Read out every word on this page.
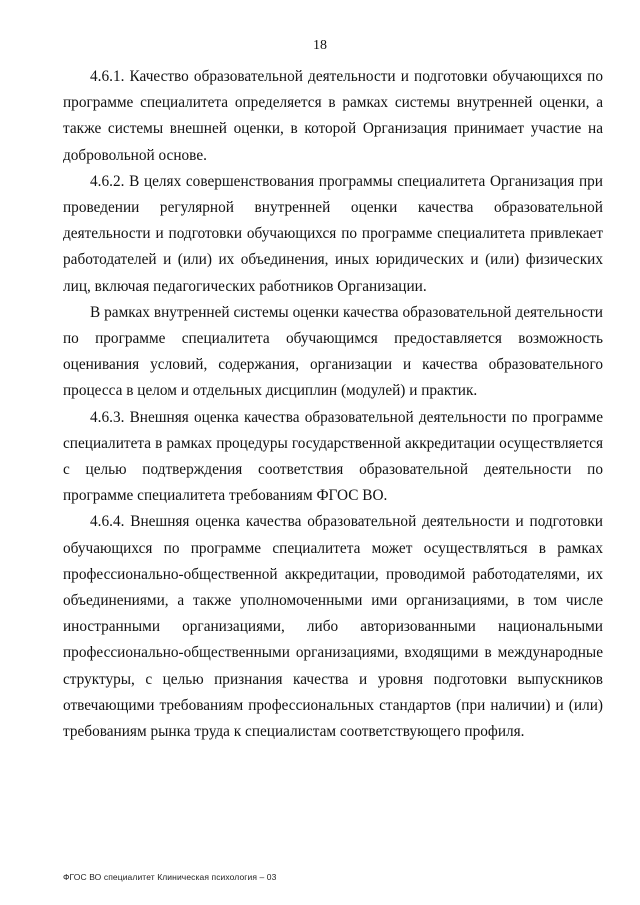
18

4.6.1. Качество образовательной деятельности и подготовки обучающихся по программе специалитета определяется в рамках системы внутренней оценки, а также системы внешней оценки, в которой Организация принимает участие на добровольной основе.

4.6.2. В целях совершенствования программы специалитета Организация при проведении регулярной внутренней оценки качества образовательной деятельности и подготовки обучающихся по программе специалитета привлекает работодателей и (или) их объединения, иных юридических и (или) физических лиц, включая педагогических работников Организации.

В рамках внутренней системы оценки качества образовательной деятельности по программе специалитета обучающимся предоставляется возможность оценивания условий, содержания, организации и качества образовательного процесса в целом и отдельных дисциплин (модулей) и практик.

4.6.3. Внешняя оценка качества образовательной деятельности по программе специалитета в рамках процедуры государственной аккредитации осуществляется с целью подтверждения соответствия образовательной деятельности по программе специалитета требованиям ФГОС ВО.

4.6.4. Внешняя оценка качества образовательной деятельности и подготовки обучающихся по программе специалитета может осуществляться в рамках профессионально-общественной аккредитации, проводимой работодателями, их объединениями, а также уполномоченными ими организациями, в том числе иностранными организациями, либо авторизованными национальными профессионально-общественными организациями, входящими в международные структуры, с целью признания качества и уровня подготовки выпускников отвечающими требованиям профессиональных стандартов (при наличии) и (или) требованиям рынка труда к специалистам соответствующего профиля.

ФГОС ВО специалитет Клиническая психология – 03
